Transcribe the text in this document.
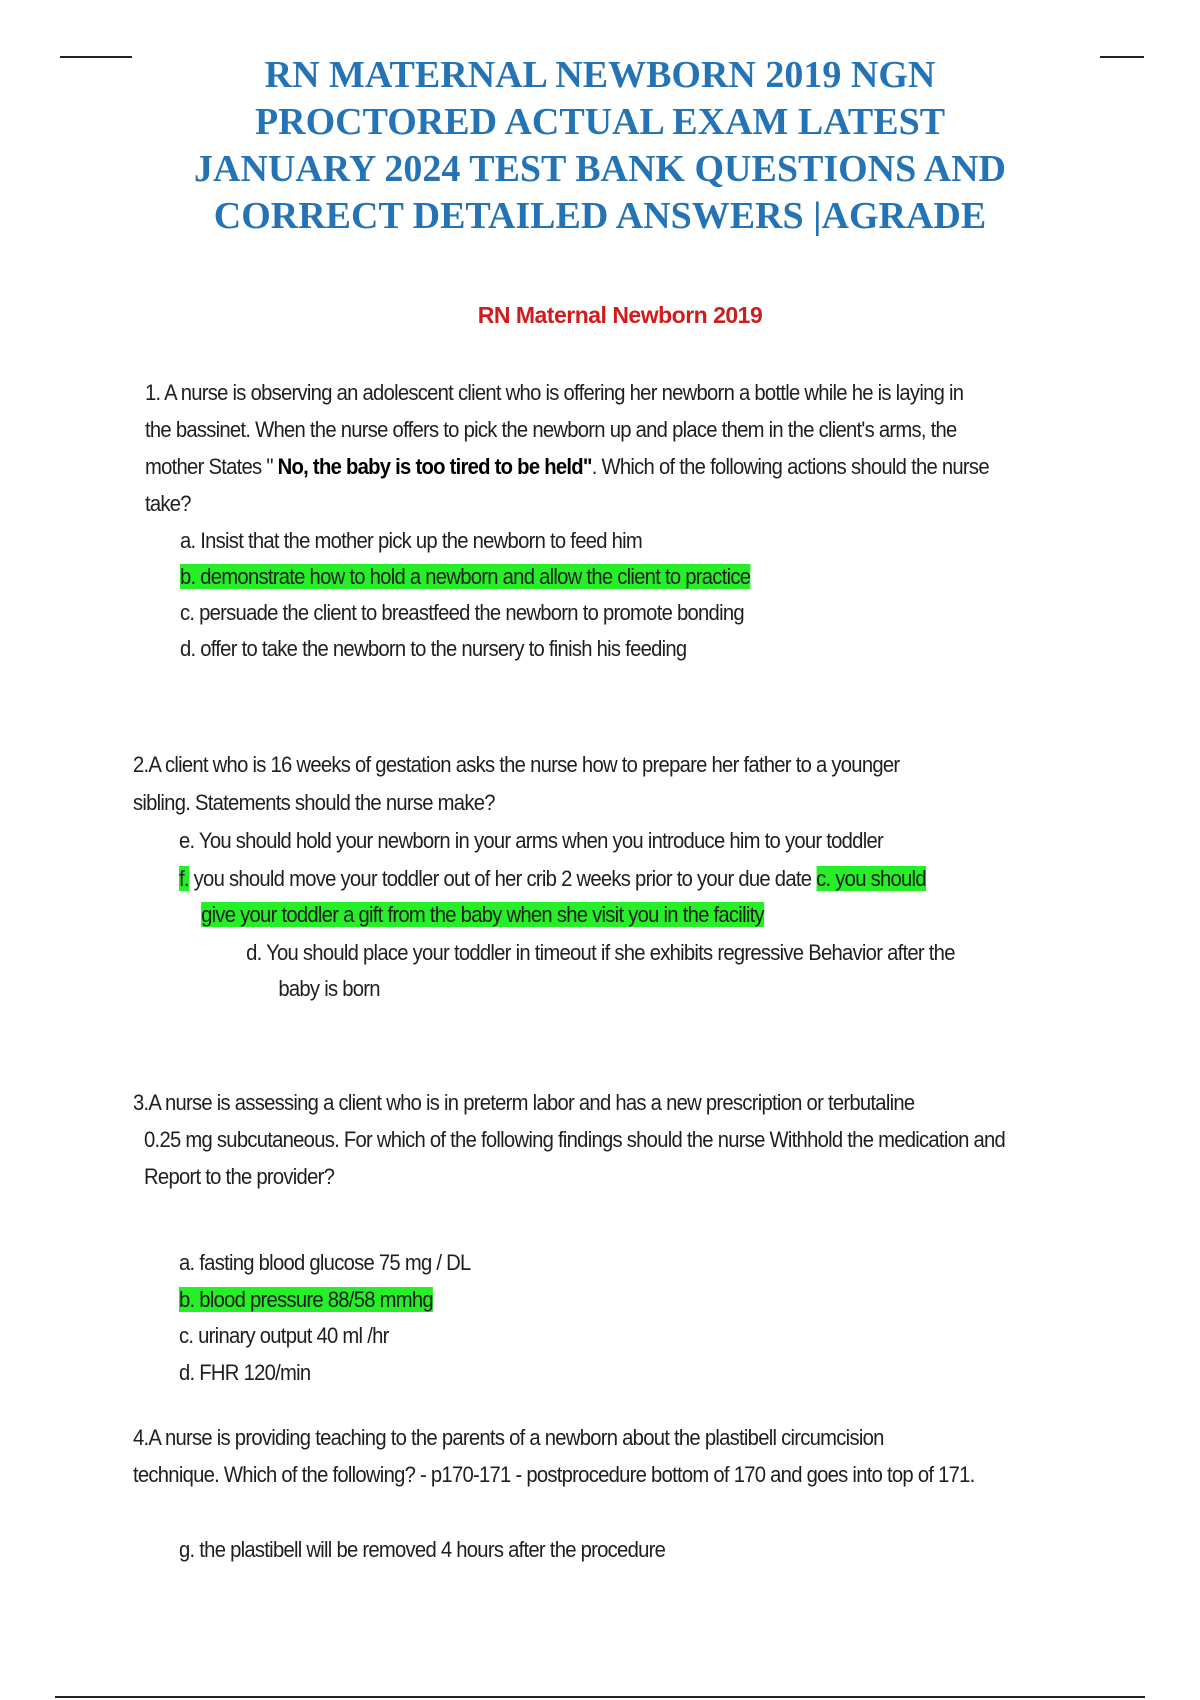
RN MATERNAL NEWBORN 2019 NGN
PROCTORED ACTUAL EXAM LATEST
JANUARY 2024 TEST BANK QUESTIONS AND
CORRECT DETAILED ANSWERS |AGRADE
RN Maternal Newborn 2019
1. A nurse is observing an adolescent client who is offering her newborn a bottle while he is laying in
the bassinet. When the nurse offers to pick the newborn up and place them in the client's arms, the
mother States " No, the baby is too tired to be held". Which of the following actions should the nurse
take?
a. Insist that the mother pick up the newborn to feed him
b. demonstrate how to hold a newborn and allow the client to practice
c. persuade the client to breastfeed the newborn to promote bonding
d. offer to take the newborn to the nursery to finish his feeding
2.A client who is 16 weeks of gestation asks the nurse how to prepare her father to a younger
sibling. Statements should the nurse make?
e. You should hold your newborn in your arms when you introduce him to your toddler
f. you should move your toddler out of her crib 2 weeks prior to your due date c. you should
give your toddler a gift from the baby when she visit you in the facility
d. You should place your toddler in timeout if she exhibits regressive Behavior after the
baby is born
3.A nurse is assessing a client who is in preterm labor and has a new prescription or terbutaline
0.25 mg subcutaneous. For which of the following findings should the nurse Withhold the medication and
Report to the provider?
a. fasting blood glucose 75 mg / DL
b. blood pressure 88/58 mmhg
c. urinary output 40 ml /hr
d. FHR 120/min
4.A nurse is providing teaching to the parents of a newborn about the plastibell circumcision
technique. Which of the following? - p170-171 - postprocedure bottom of 170 and goes into top of 171.
g. the plastibell will be removed 4 hours after the procedure
